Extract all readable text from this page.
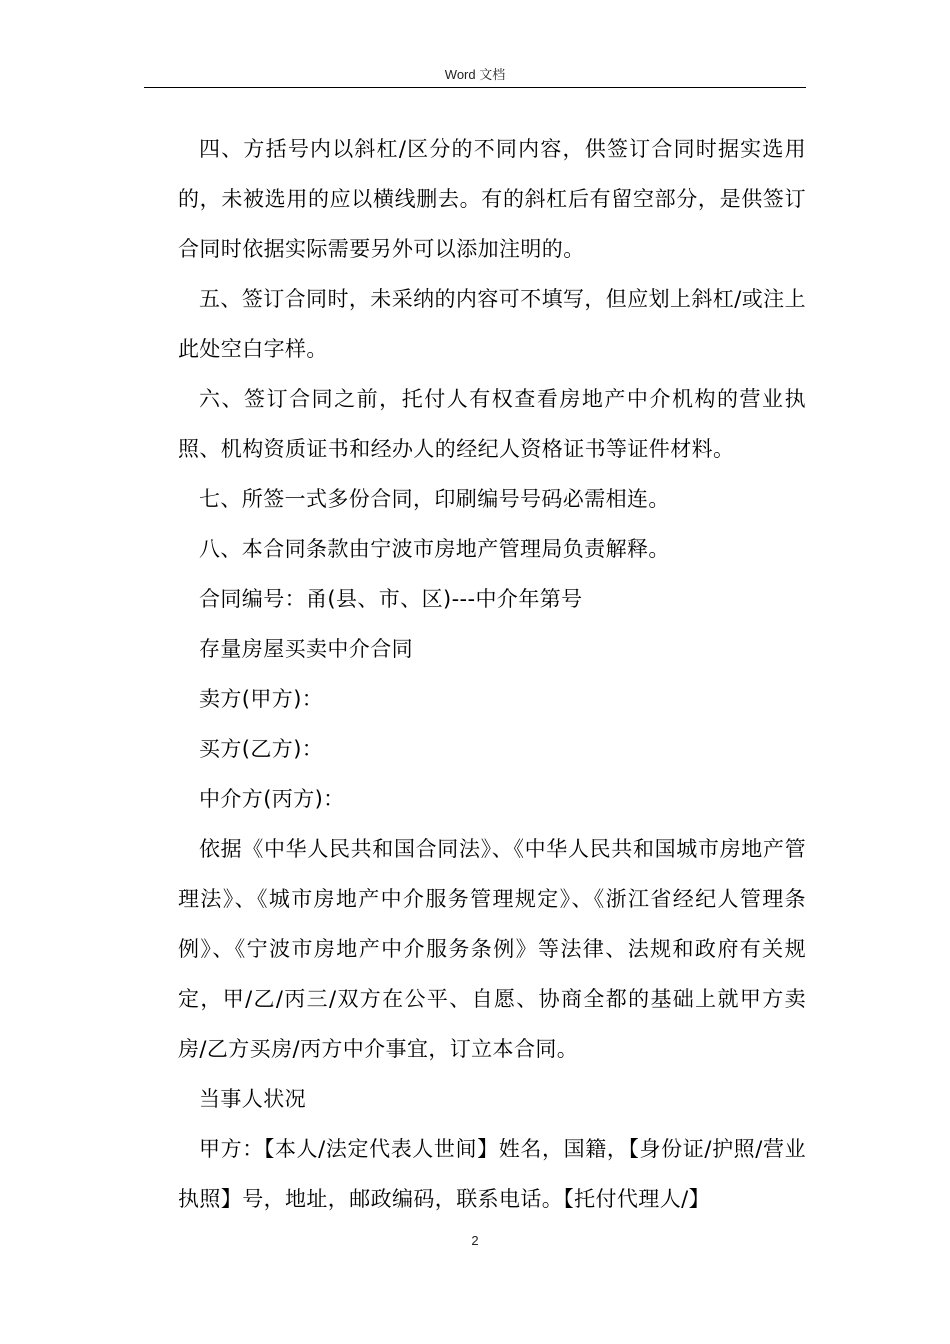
Word 文档

四、方括号内以斜杠/区分的不同内容，供签订合同时据实选用的，未被选用的应以横线删去。有的斜杠后有留空部分，是供签订合同时依据实际需要另外可以添加注明的。

五、签订合同时，未采纳的内容可不填写，但应划上斜杠/或注上此处空白字样。

六、签订合同之前，托付人有权查看房地产中介机构的营业执照、机构资质证书和经办人的经纪人资格证书等证件材料。

七、所签一式多份合同，印刷编号号码必需相连。

八、本合同条款由宁波市房地产管理局负责解释。

合同编号：甬(县、市、区)---中介年第号

存量房屋买卖中介合同

卖方(甲方)：

买方(乙方)：

中介方(丙方)：

依据《中华人民共和国合同法》、《中华人民共和国城市房地产管理法》、《城市房地产中介服务管理规定》、《浙江省经纪人管理条例》、《宁波市房地产中介服务条例》等法律、法规和政府有关规定，甲/乙/丙三/双方在公平、自愿、协商全都的基础上就甲方卖房/乙方买房/丙方中介事宜，订立本合同。

当事人状况

甲方：【本人/法定代表人世间】姓名，国籍，【身份证/护照/营业执照】号，地址，邮政编码，联系电话。【托付代理人/】

2
